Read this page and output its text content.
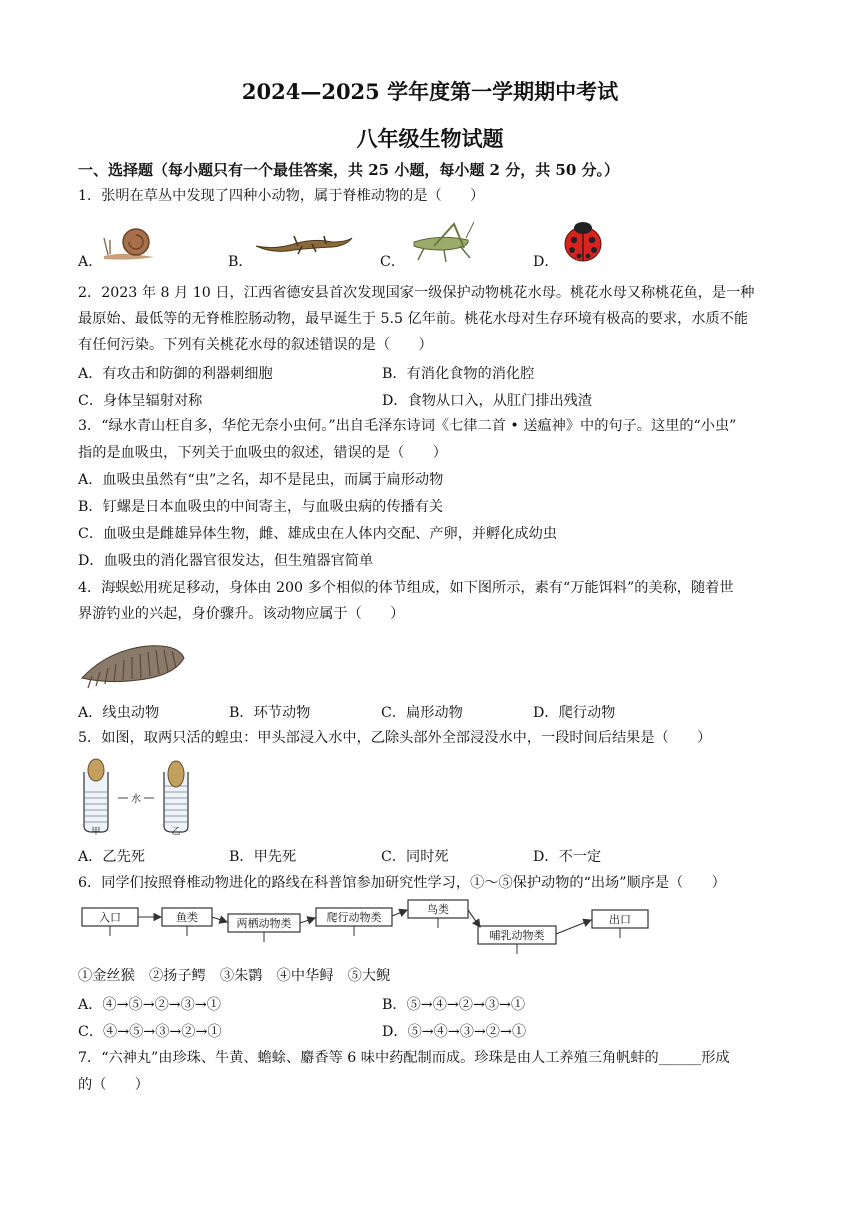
2024—2025 学年度第一学期期中考试
八年级生物试题
一、选择题（每小题只有一个最佳答案，共 25 小题，每小题 2 分，共 50 分。）
1．张明在草丛中发现了四种小动物，属于脊椎动物的是（　　）
A．	B．	C．	D．
2．2023 年 8 月 10 日，江西省德安县首次发现国家一级保护动物桃花水母。桃花水母又称桃花鱼，是一种
最原始、最低等的无脊椎腔肠动物，最早诞生于 5.5 亿年前。桃花水母对生存环境有极高的要求，水质不能
有任何污染。下列有关桃花水母的叙述错误的是（　　）
A．有攻击和防御的利器刺细胞	B．有消化食物的消化腔
C．身体呈辐射对称	D．食物从口入，从肛门排出残渣
3．“绿水青山枉自多，华佗无奈小虫何。”出自毛泽东诗词《七律二首 • 送瘟神》中的句子。这里的“小虫”
指的是血吸虫，下列关于血吸虫的叙述，错误的是（　　）
A．血吸虫虽然有“虫”之名，却不是昆虫，而属于扁形动物
B．钉螺是日本血吸虫的中间寄主，与血吸虫病的传播有关
C．血吸虫是雌雄异体生物，雌、雄成虫在人体内交配、产卵，并孵化成幼虫
D．血吸虫的消化器官很发达，但生殖器官简单
4．海蜈蚣用疣足移动，身体由 200 多个相似的体节组成，如下图所示，素有“万能饵料”的美称，随着世
界游钓业的兴起，身价骤升。该动物应属于（　　）
A．线虫动物	B．环节动物	C．扁形动物	D．爬行动物
5．如图，取两只活的蝗虫：甲头部浸入水中，乙除头部外全部浸没水中，一段时间后结果是（　　）
水
甲	乙
A．乙先死	B．甲先死	C．同时死	D．不一定
6．同学们按照脊椎动物进化的路线在科普馆参加研究性学习，①～⑤保护动物的“出场”顺序是（　　）
入口	鱼类	两栖动物类	爬行动物类
鸟类
哺乳动物类
出口
①金丝猴　②扬子鳄　③朱鹮　④中华鲟　⑤大鲵
A．④→⑤→②→③→①	B．⑤→④→②→③→①
C．④→⑤→③→②→①	D．⑤→④→③→②→①
7．“六神丸”由珍珠、牛黄、蟾蜍、麝香等 6 味中药配制而成。珍珠是由人工养殖三角帆蚌的______形成
的（　　）
